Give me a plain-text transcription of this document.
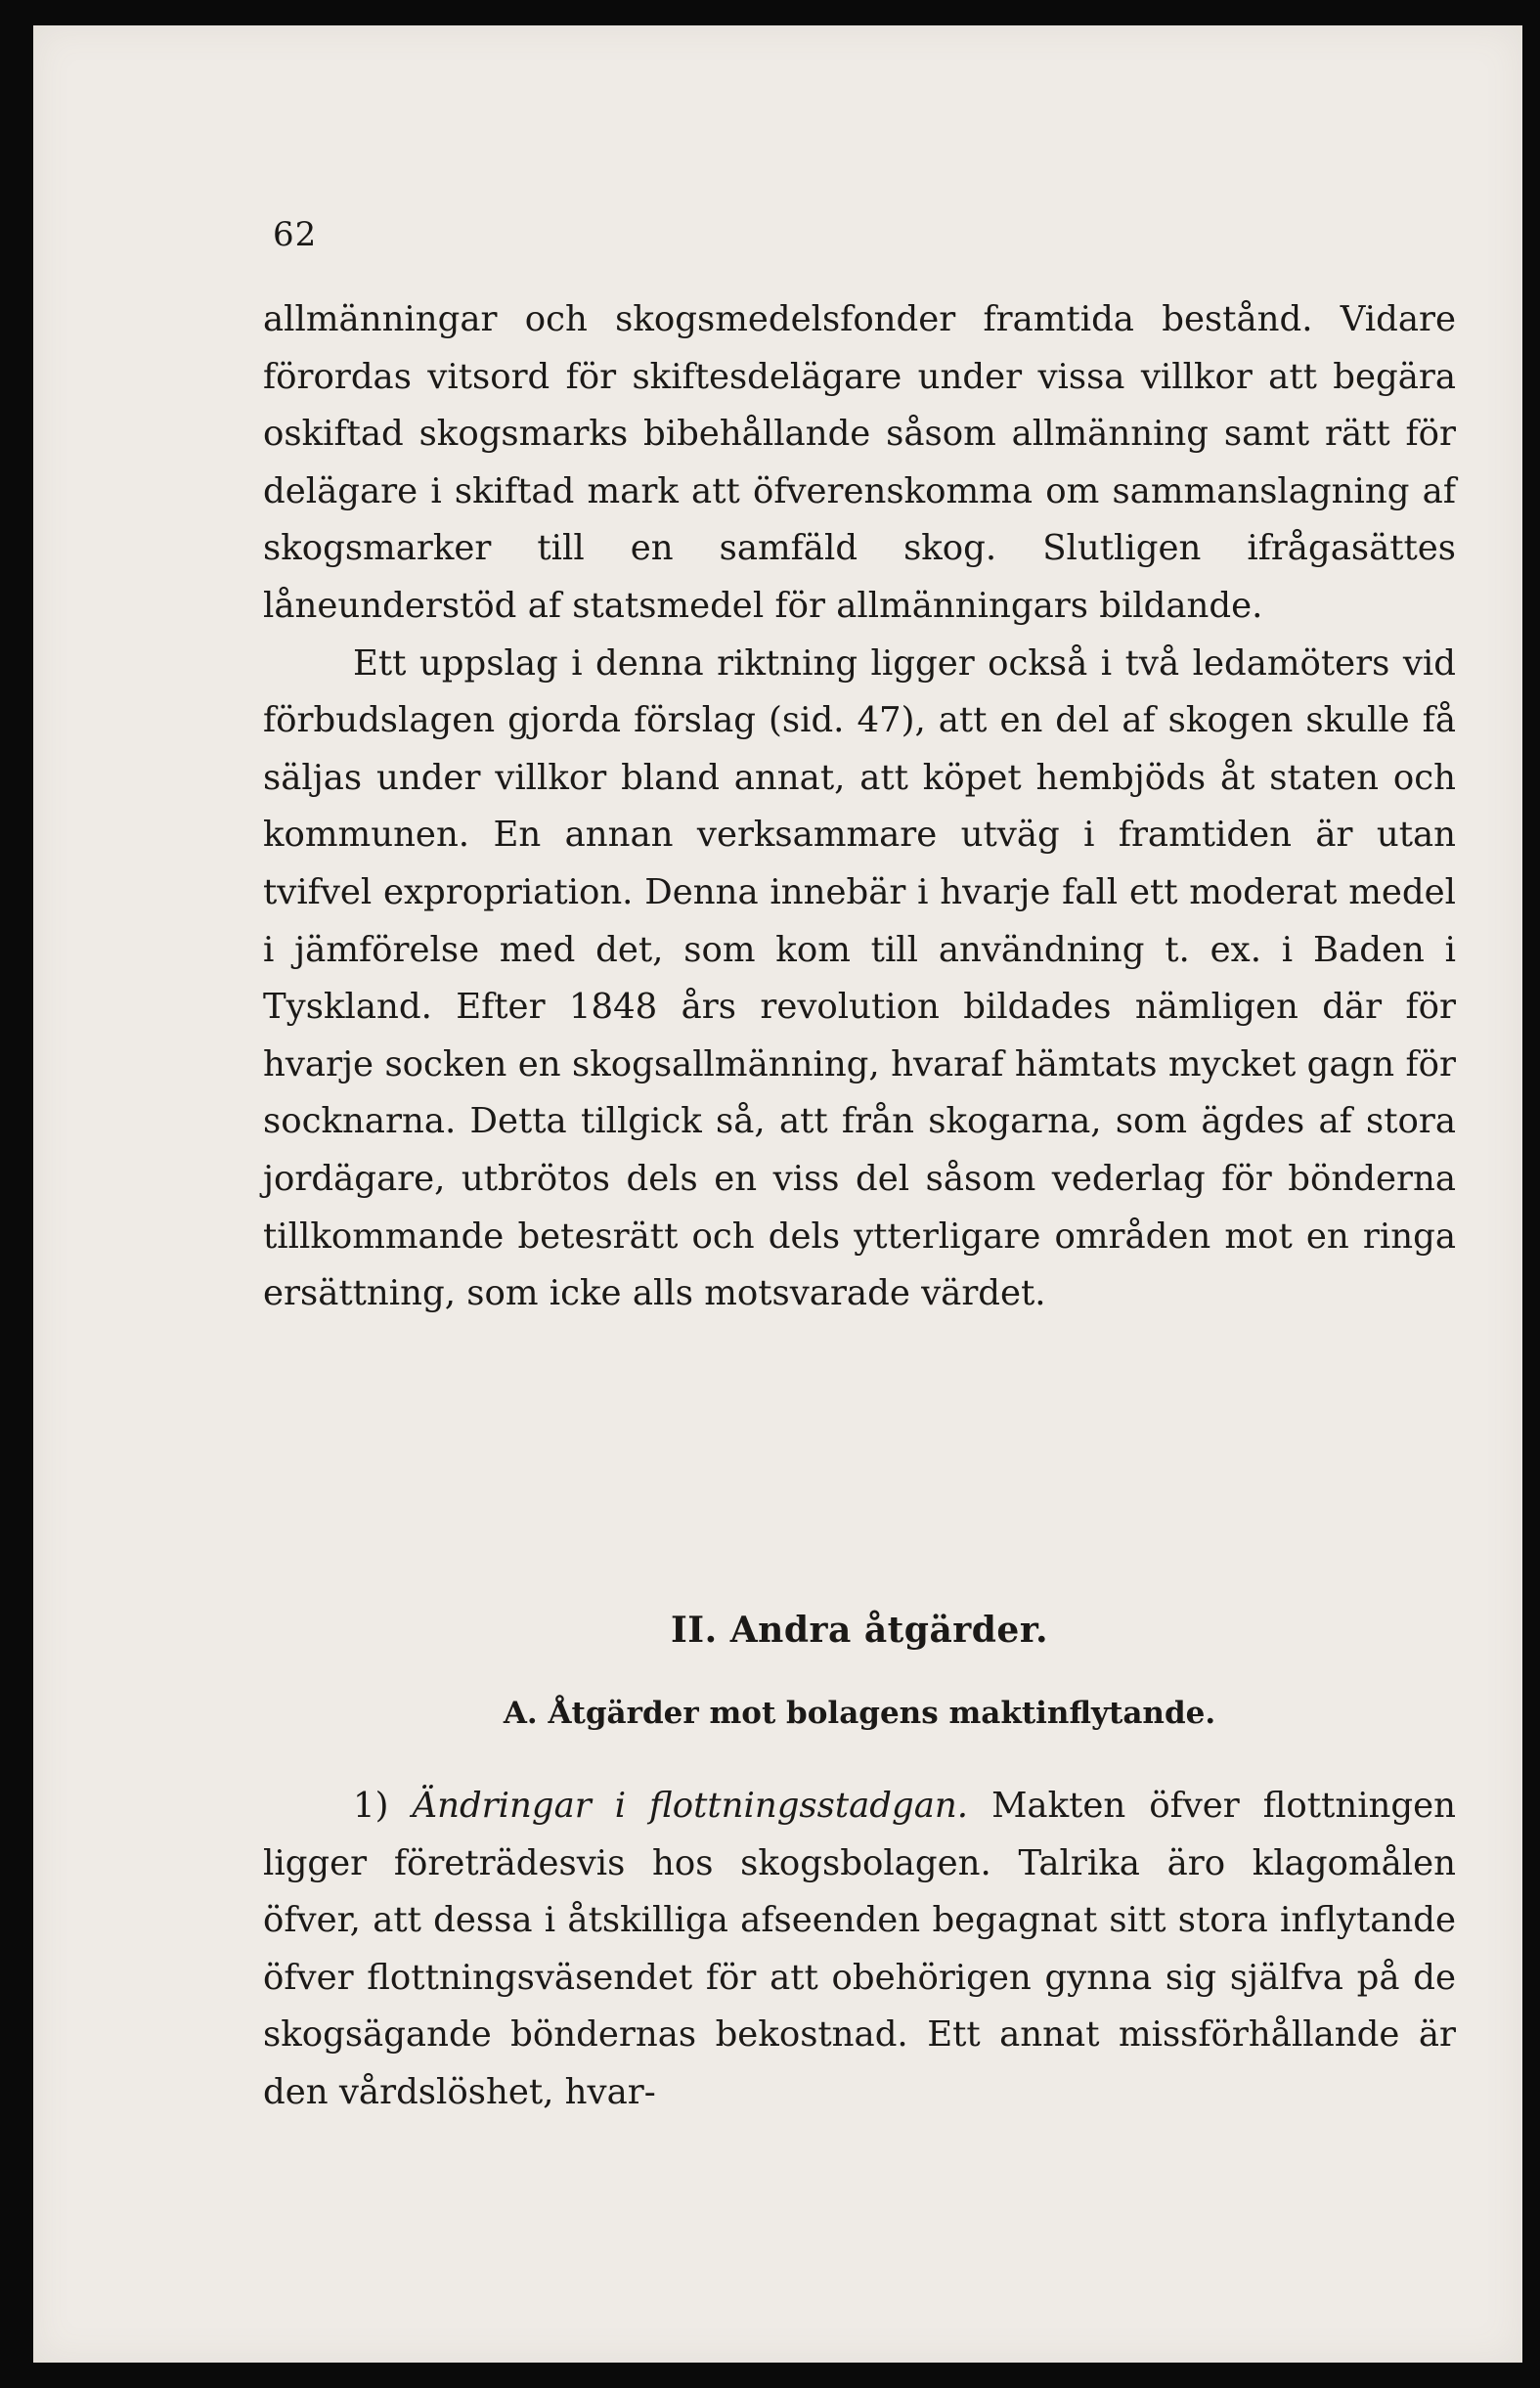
62

allmänningar och skogsmedelsfonder framtida bestånd. Vidare förordas vitsord för skiftesdelägare under vissa villkor att begära oskiftad skogsmarks bibehållande såsom allmänning samt rätt för delägare i skiftad mark att öfverenskomma om sammanslagning af skogsmarker till en samfäld skog. Slutligen ifrågasättes låneunderstöd af statsmedel för allmänningars bildande.

Ett uppslag i denna riktning ligger också i två ledamöters vid förbudslagen gjorda förslag (sid. 47), att en del af skogen skulle få säljas under villkor bland annat, att köpet hembjöds åt staten och kommunen. En annan verksammare utväg i framtiden är utan tvifvel expropriation. Denna innebär i hvarje fall ett moderat medel i jämförelse med det, som kom till användning t. ex. i Baden i Tyskland. Efter 1848 års revolution bildades nämligen där för hvarje socken en skogsallmänning, hvaraf hämtats mycket gagn för socknarna. Detta tillgick så, att från skogarna, som ägdes af stora jordägare, utbrötos dels en viss del såsom vederlag för bönderna tillkommande betesrätt och dels ytterligare områden mot en ringa ersättning, som icke alls motsvarade värdet.

II. Andra åtgärder.
A. Åtgärder mot bolagens maktinflytande.

1) Ändringar i flottningsstadgan. Makten öfver flottningen ligger företrädesvis hos skogsbolagen. Talrika äro klagomålen öfver, att dessa i åtskilliga afseenden begagnat sitt stora inflytande öfver flottningsväsendet för att obehörigen gynna sig själfva på de skogsägande böndernas bekostnad. Ett annat missförhållande är den vårdslöshet, hvar-
